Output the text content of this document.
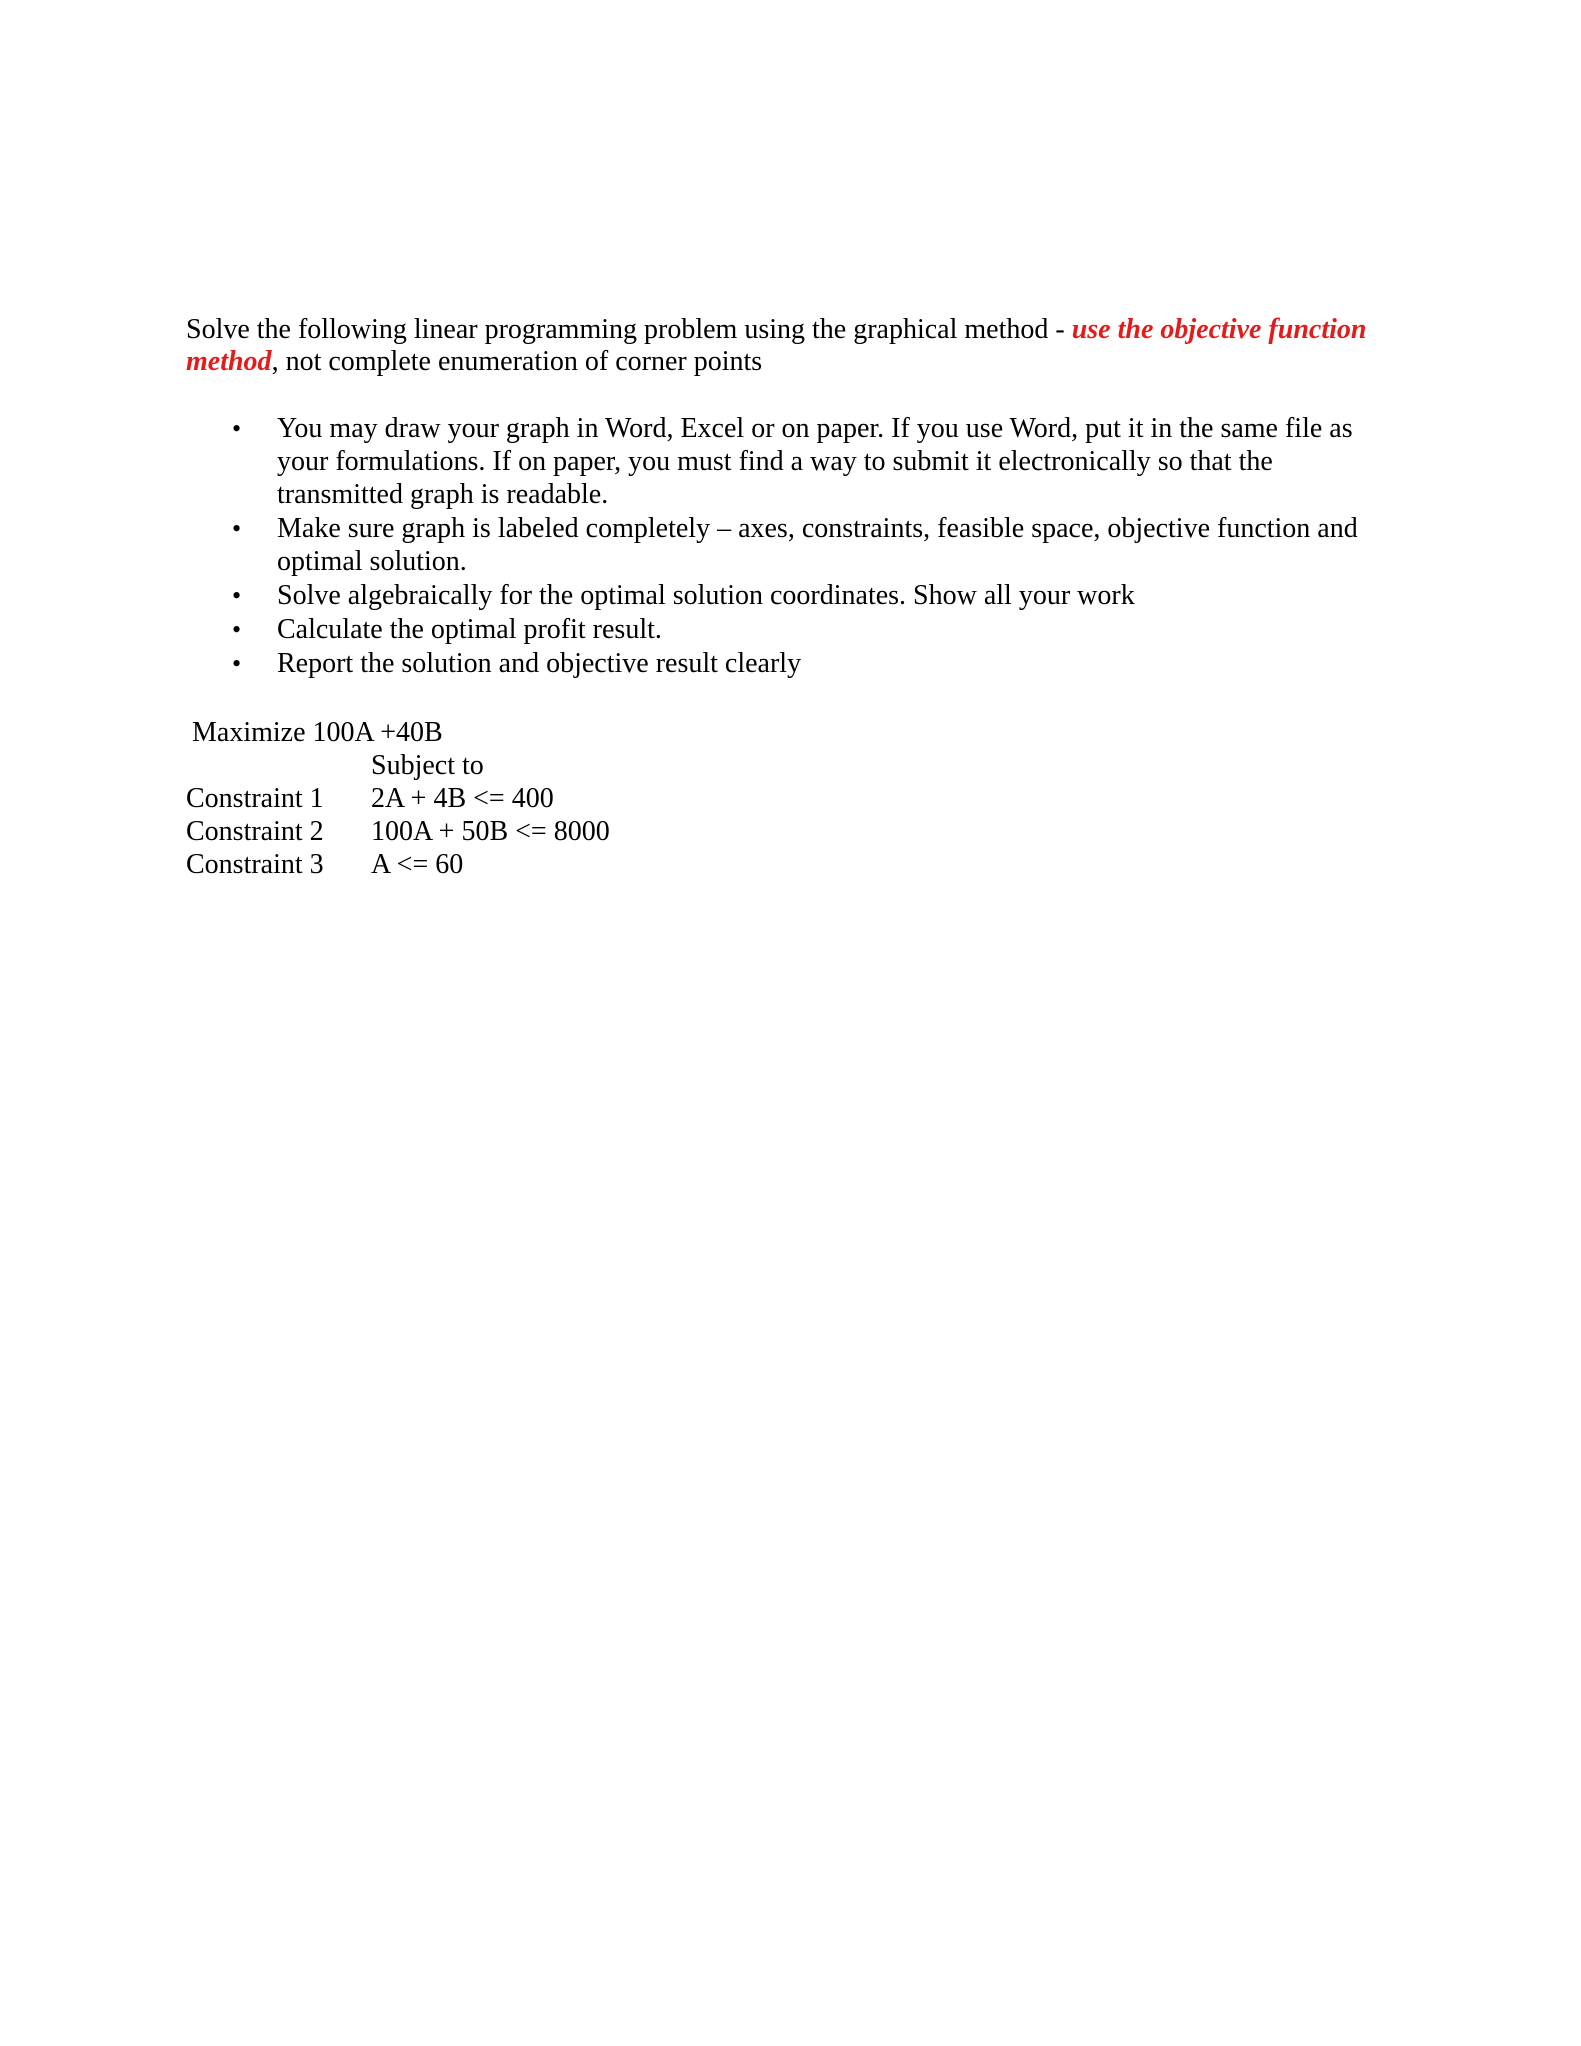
Solve the following linear programming problem using the graphical method - use the objective function method, not complete enumeration of corner points
• You may draw your graph in Word, Excel or on paper. If you use Word, put it in the same file as your formulations. If on paper, you must find a way to submit it electronically so that the transmitted graph is readable.
• Make sure graph is labeled completely – axes, constraints, feasible space, objective function and optimal solution.
• Solve algebraically for the optimal solution coordinates. Show all your work
• Calculate the optimal profit result.
• Report the solution and objective result clearly
Maximize 100A +40B
Subject to
Constraint 1 2A + 4B <= 400
Constraint 2 100A + 50B <= 8000
Constraint 3 A <= 60
